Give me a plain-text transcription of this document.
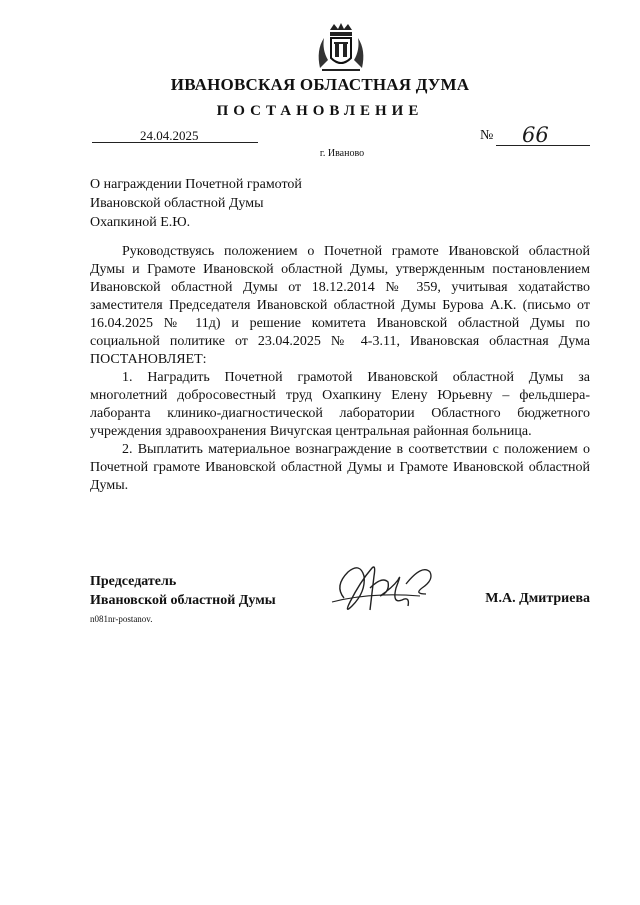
ИВАНОВСКАЯ ОБЛАСТНАЯ ДУМА
ПОСТАНОВЛЕНИЕ
24.04.2025	№ 66
г. Иваново
О награждении Почетной грамотой
Ивановской областной Думы
Охапкиной Е.Ю.

Руководствуясь положением о Почетной грамоте Ивановской областной Думы и Грамоте Ивановской областной Думы, утвержденным постановлением Ивановской областной Думы от 18.12.2014 № 359, учитывая ходатайство заместителя Председателя Ивановской областной Думы Бурова А.К. (письмо от 16.04.2025 № 11д) и решение комитета Ивановской областной Думы по социальной политике от 23.04.2025 № 4-3.11, Ивановская областная Дума ПОСТАНОВЛЯЕТ:

1. Наградить Почетной грамотой Ивановской областной Думы за многолетний добросовестный труд Охапкину Елену Юрьевну – фельдшера-лаборанта клинико-диагностической лаборатории Областного бюджетного учреждения здравоохранения Вичугская центральная районная больница.

2. Выплатить материальное вознаграждение в соответствии с положением о Почетной грамоте Ивановской областной Думы и Грамоте Ивановской областной Думы.

Председатель
Ивановской областной Думы	М.А. Дмитриева
n081nr-postanov.
